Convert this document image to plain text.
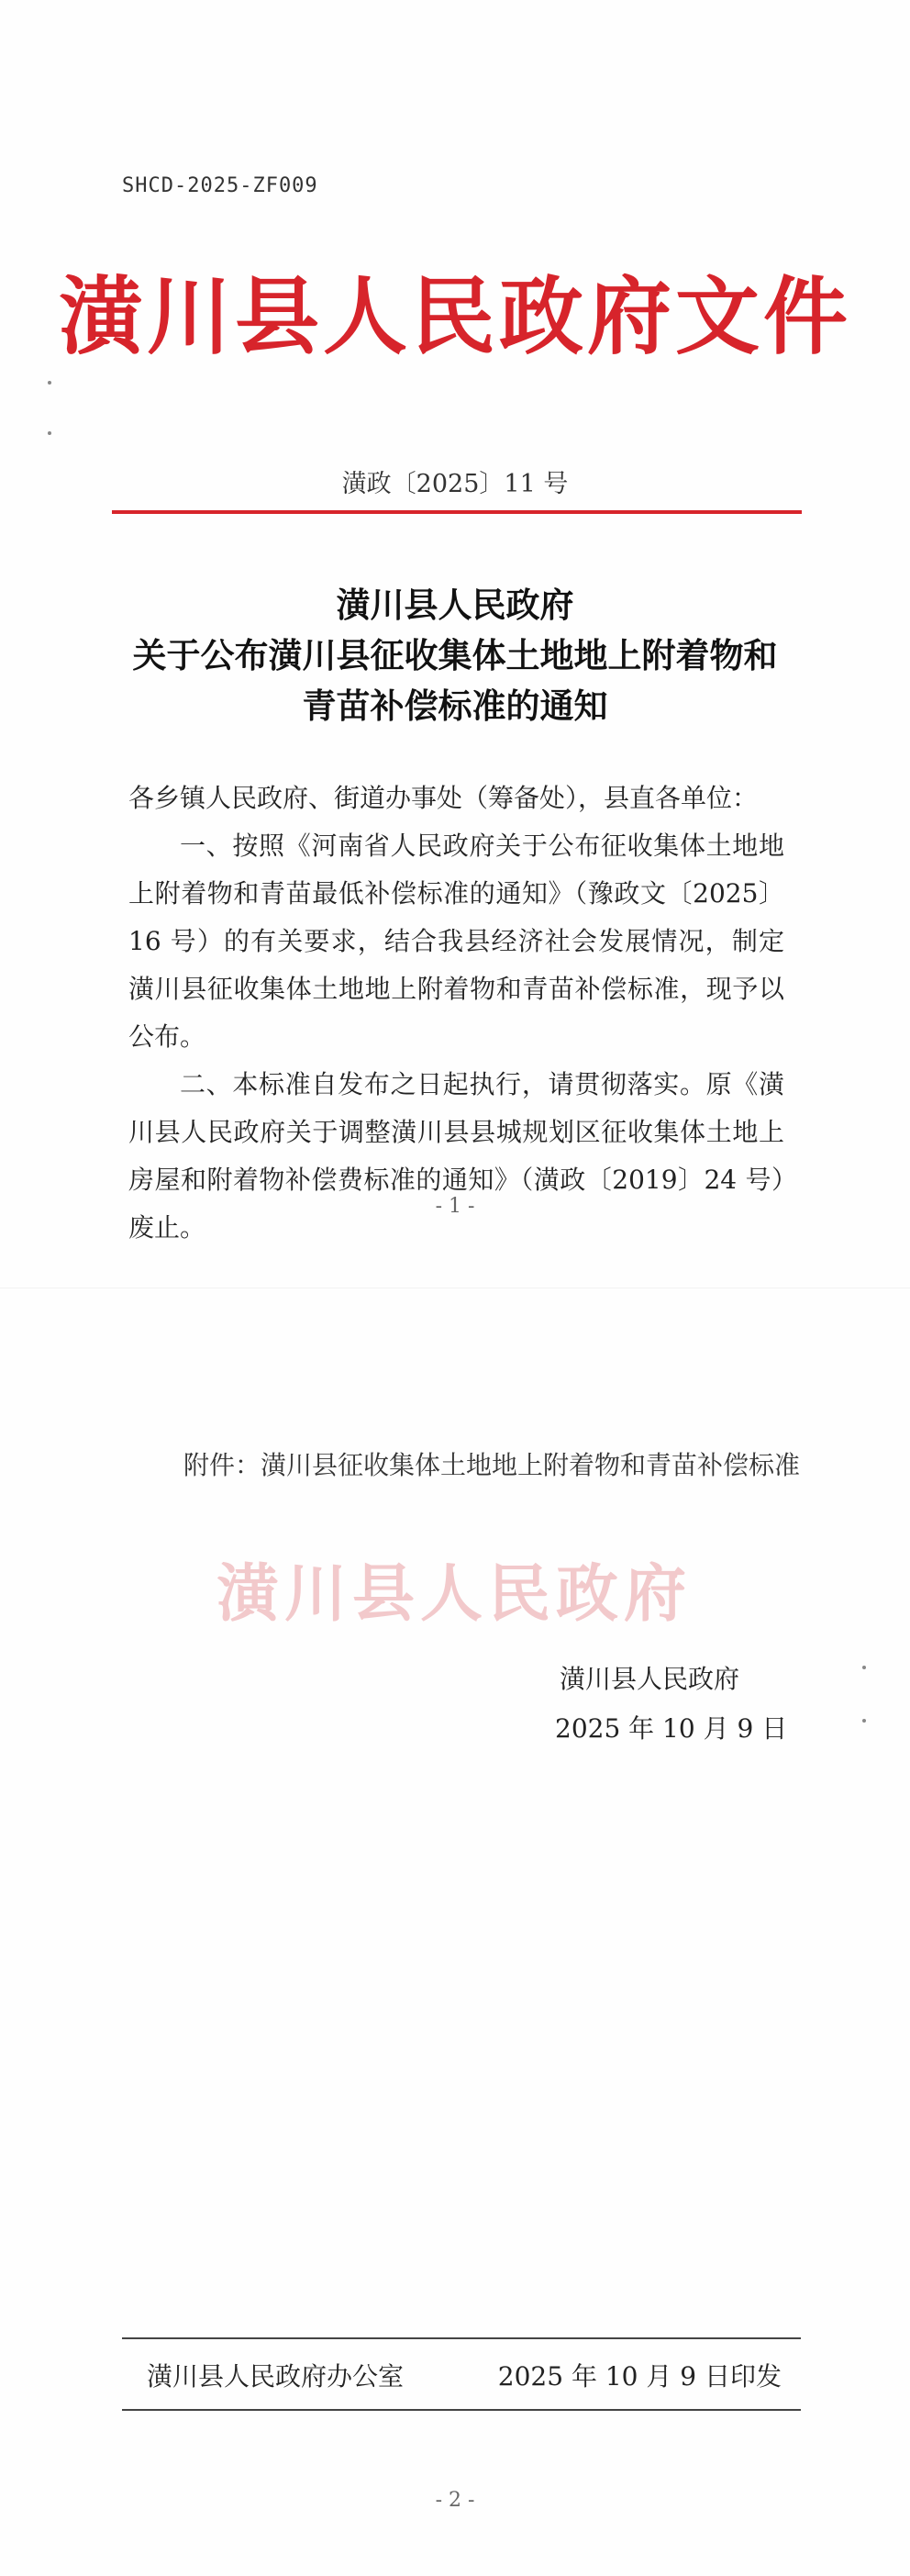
SHCD-2025-ZF009
潢川县人民政府文件
潢政〔2025〕11 号
潢川县人民政府
关于公布潢川县征收集体土地地上附着物和
青苗补偿标准的通知

各乡镇人民政府、街道办事处（筹备处），县直各单位：

一、按照《河南省人民政府关于公布征收集体土地地上附着物和青苗最低补偿标准的通知》（豫政文〔2025〕16 号）的有关要求，结合我县经济社会发展情况，制定潢川县征收集体土地地上附着物和青苗补偿标准，现予以公布。

二、本标准自发布之日起执行，请贯彻落实。原《潢川县人民政府关于调整潢川县县城规划区征收集体土地上房屋和附着物补偿费标准的通知》（潢政〔2019〕24 号）废止。

- 1 -
附件：潢川县征收集体土地地上附着物和青苗补偿标准
潢川县人民政府
潢川县人民政府
2025 年 10 月 9 日
潢川县人民政府办公室	2025 年 10 月 9 日印发
- 2 -
